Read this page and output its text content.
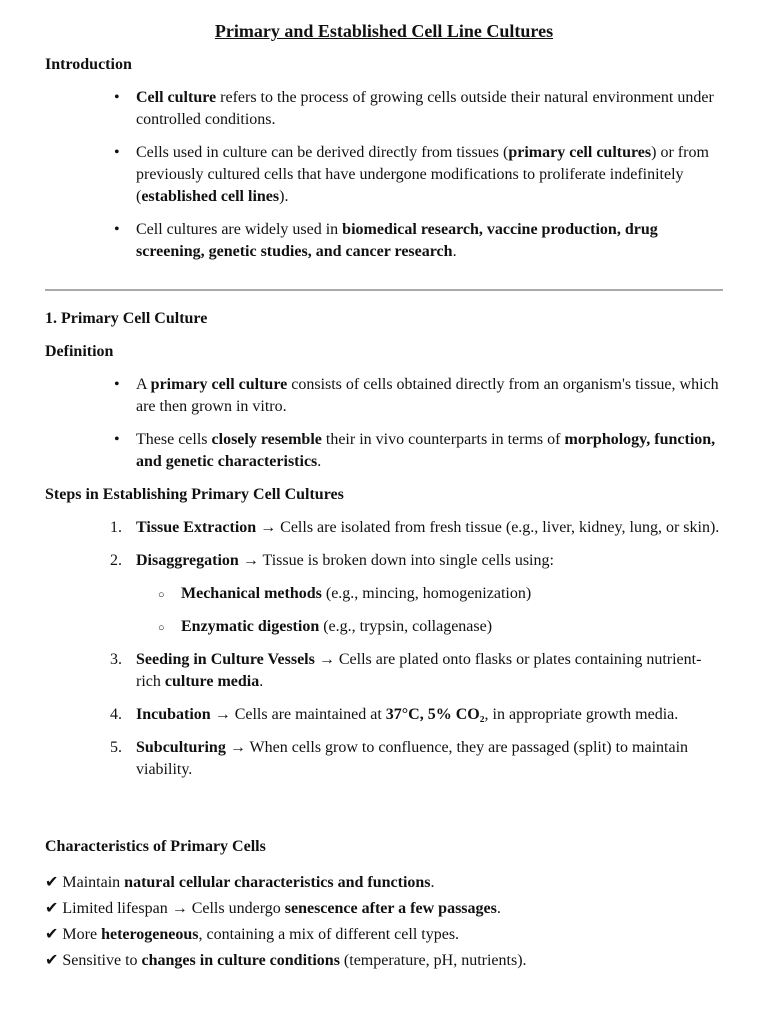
Primary and Established Cell Line Cultures
Introduction
• Cell culture refers to the process of growing cells outside their natural environment under controlled conditions.
• Cells used in culture can be derived directly from tissues (primary cell cultures) or from previously cultured cells that have undergone modifications to proliferate indefinitely (established cell lines).
• Cell cultures are widely used in biomedical research, vaccine production, drug screening, genetic studies, and cancer research.
1. Primary Cell Culture
Definition
• A primary cell culture consists of cells obtained directly from an organism's tissue, which are then grown in vitro.
• These cells closely resemble their in vivo counterparts in terms of morphology, function, and genetic characteristics.
Steps in Establishing Primary Cell Cultures
1. Tissue Extraction → Cells are isolated from fresh tissue (e.g., liver, kidney, lung, or skin).
2. Disaggregation → Tissue is broken down into single cells using:
○ Mechanical methods (e.g., mincing, homogenization)
○ Enzymatic digestion (e.g., trypsin, collagenase)
3. Seeding in Culture Vessels → Cells are plated onto flasks or plates containing nutrient-rich culture media.
4. Incubation → Cells are maintained at 37°C, 5% CO₂, in appropriate growth media.
5. Subculturing → When cells grow to confluence, they are passaged (split) to maintain viability.
Characteristics of Primary Cells
✔ Maintain natural cellular characteristics and functions.
✔ Limited lifespan → Cells undergo senescence after a few passages.
✔ More heterogeneous, containing a mix of different cell types.
✔ Sensitive to changes in culture conditions (temperature, pH, nutrients).
